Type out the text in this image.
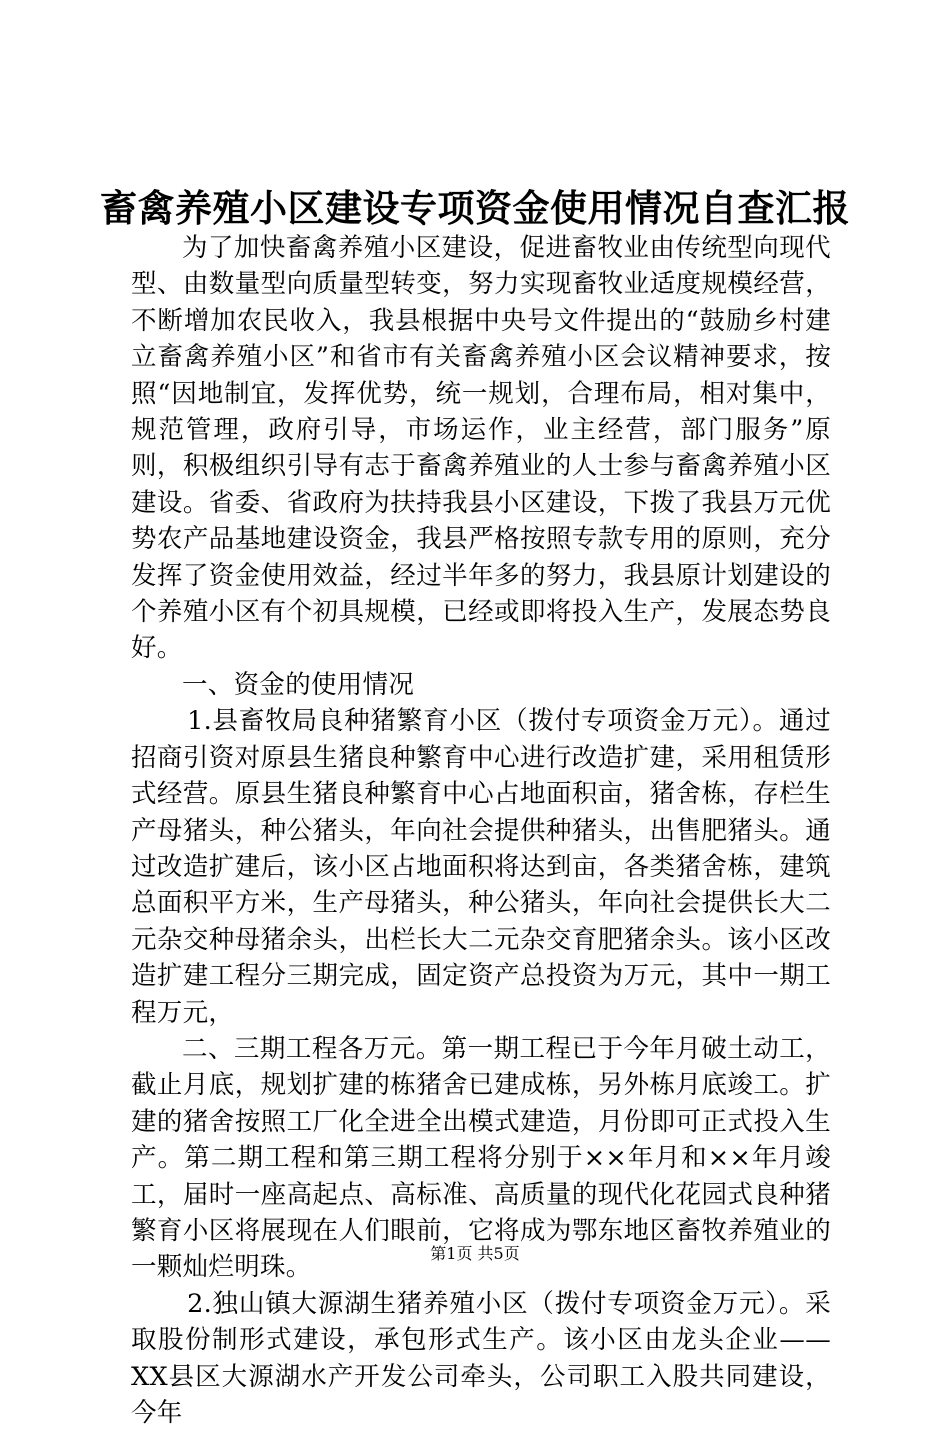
畜禽养殖小区建设专项资金使用情况自查汇报

为了加快畜禽养殖小区建设，促进畜牧业由传统型向现代型、由数量型向质量型转变，努力实现畜牧业适度规模经营，不断增加农民收入，我县根据中央号文件提出的“鼓励乡村建立畜禽养殖小区”和省市有关畜禽养殖小区会议精神要求，按照“因地制宜，发挥优势，统一规划，合理布局，相对集中，规范管理，政府引导，市场运作，业主经营，部门服务”原则，积极组织引导有志于畜禽养殖业的人士参与畜禽养殖小区建设。省委、省政府为扶持我县小区建设，下拨了我县万元优势农产品基地建设资金，我县严格按照专款专用的原则，充分发挥了资金使用效益，经过半年多的努力，我县原计划建设的个养殖小区有个初具规模，已经或即将投入生产，发展态势良好。

一、资金的使用情况

1.县畜牧局良种猪繁育小区（拨付专项资金万元）。通过招商引资对原县生猪良种繁育中心进行改造扩建，采用租赁形式经营。原县生猪良种繁育中心占地面积亩，猪舍栋，存栏生产母猪头，种公猪头，年向社会提供种猪头，出售肥猪头。通过改造扩建后，该小区占地面积将达到亩，各类猪舍栋，建筑总面积平方米，生产母猪头，种公猪头，年向社会提供长大二元杂交种母猪余头，出栏长大二元杂交育肥猪余头。该小区改造扩建工程分三期完成，固定资产总投资为万元，其中一期工程万元，

二、三期工程各万元。第一期工程已于今年月破土动工，截止月底，规划扩建的栋猪舍已建成栋，另外栋月底竣工。扩建的猪舍按照工厂化全进全出模式建造，月份即可正式投入生产。第二期工程和第三期工程将分别于××年月和××年月竣工，届时一座高起点、高标准、高质量的现代化花园式良种猪繁育小区将展现在人们眼前，它将成为鄂东地区畜牧养殖业的一颗灿烂明珠。

2.独山镇大源湖生猪养殖小区（拨付专项资金万元）。采取股份制形式建设，承包形式生产。该小区由龙头企业——XX县区大源湖水产开发公司牵头，公司职工入股共同建设，今年

第1页 共5页
